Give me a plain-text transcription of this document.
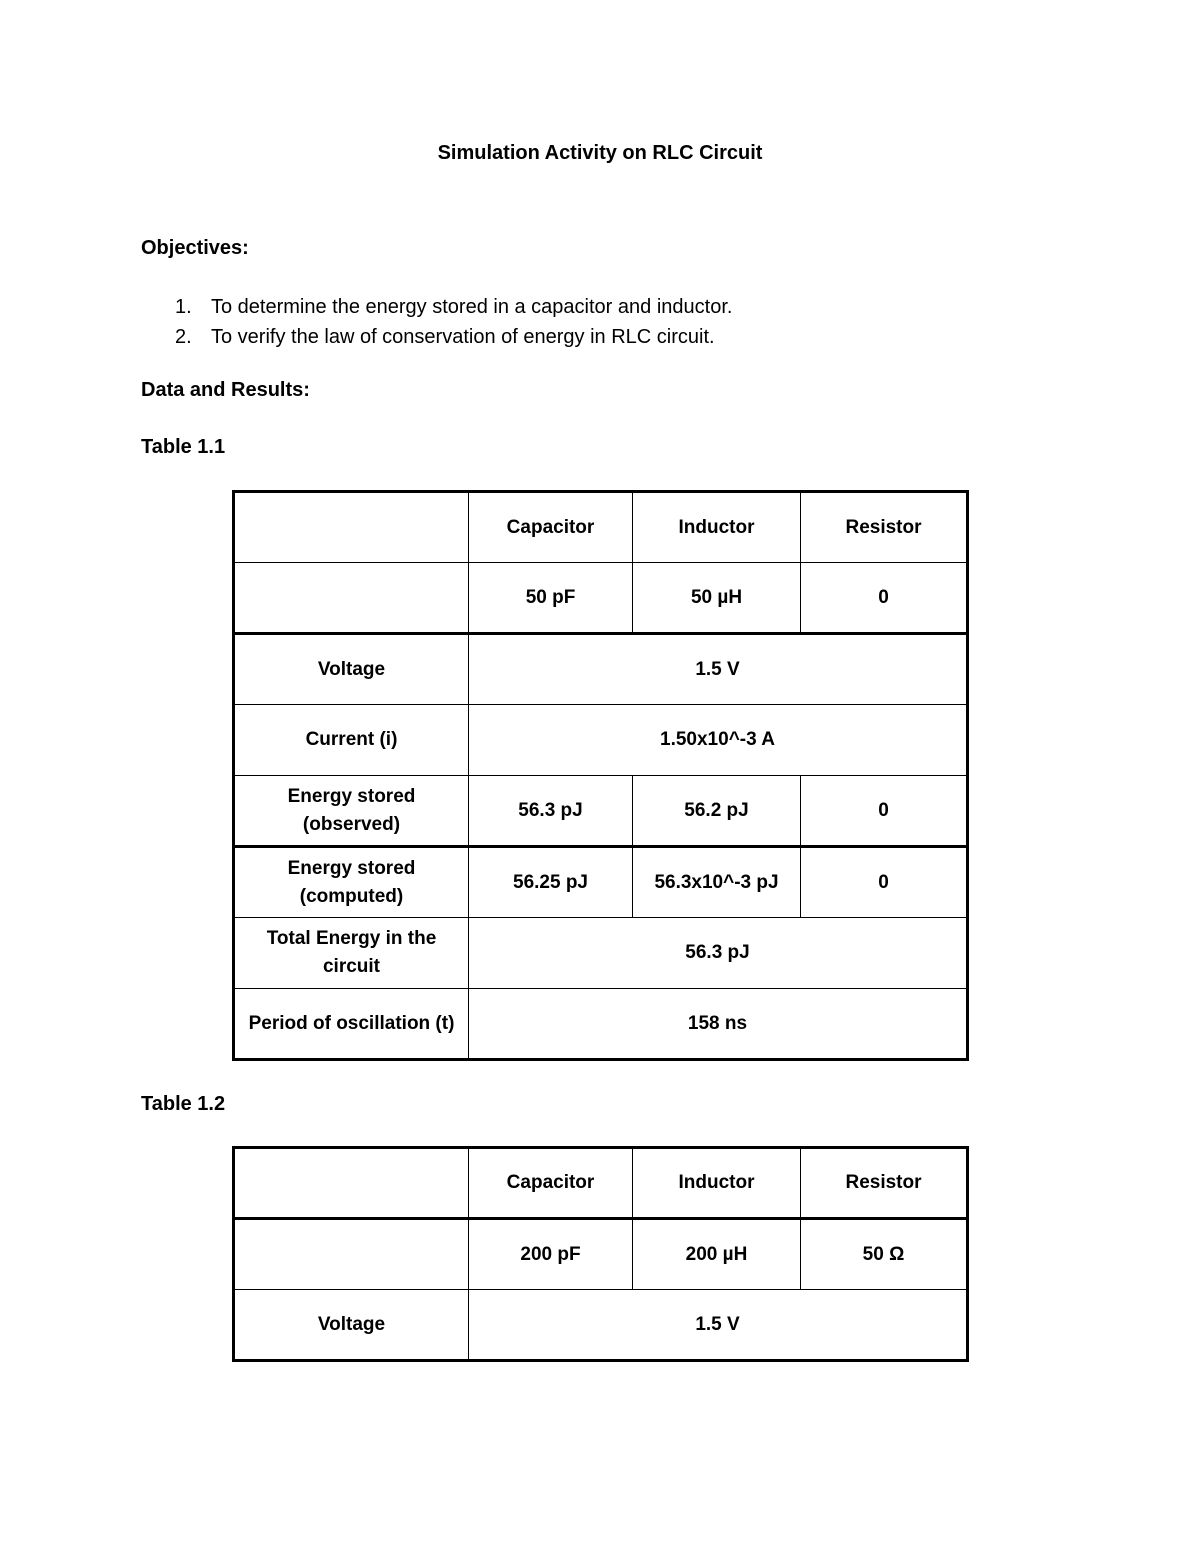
Simulation Activity on RLC Circuit
Objectives:
1. To determine the energy stored in a capacitor and inductor.
2. To verify the law of conservation of energy in RLC circuit.
Data and Results:
Table 1.1
	Capacitor	Inductor	Resistor
	50 pF	50 µH	0
Voltage	1.5 V		
Current (i)	1.50x10^-3 A		
Energy stored (observed)	56.3 pJ	56.2 pJ	0
Energy stored (computed)	56.25 pJ	56.3x10^-3 pJ	0
Total Energy in the circuit	56.3 pJ		
Period of oscillation (t)	158 ns		
Table 1.2
	Capacitor	Inductor	Resistor
	200 pF	200 µH	50 Ω
Voltage	1.5 V		
